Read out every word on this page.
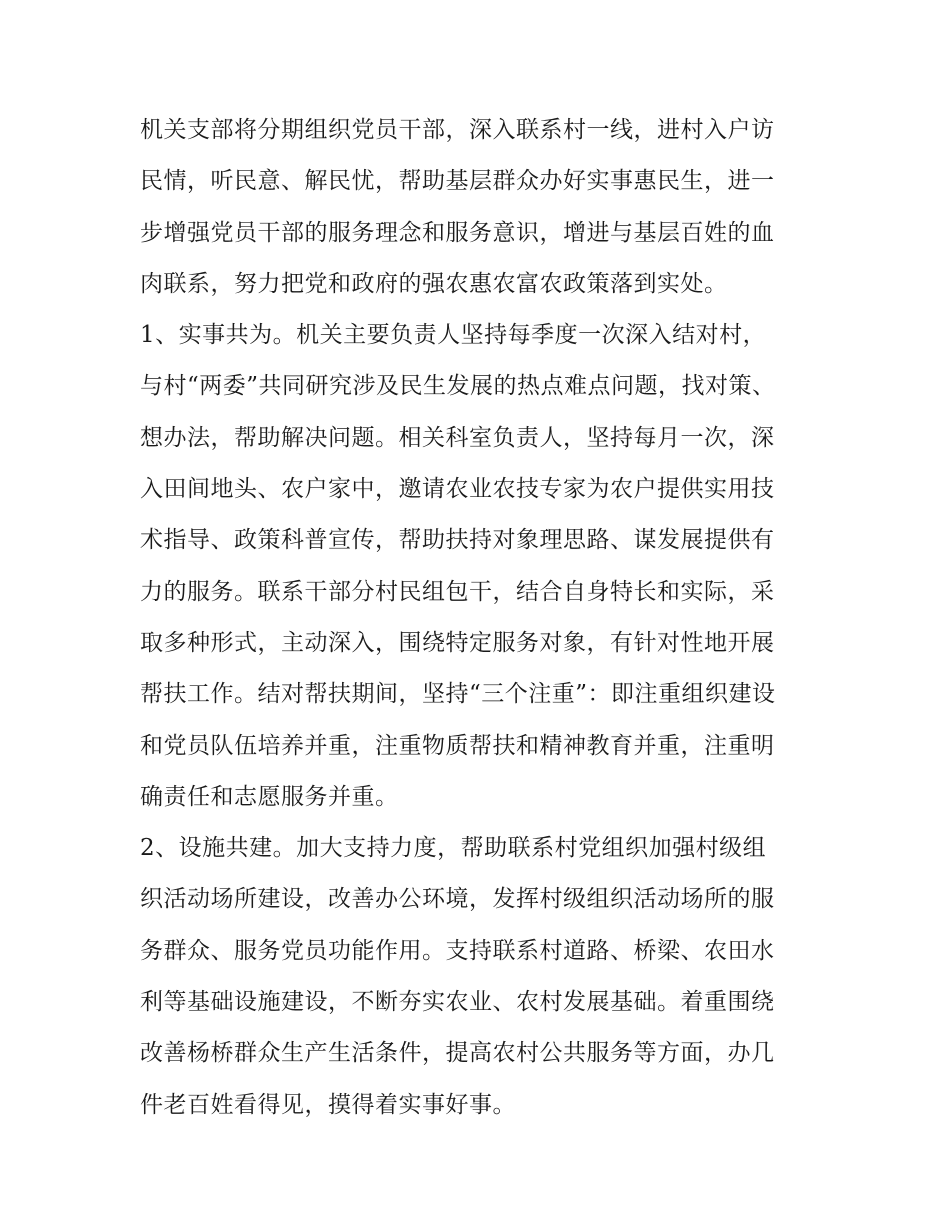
机关支部将分期组织党员干部，深入联系村一线，进村入户访
民情，听民意、解民忧，帮助基层群众办好实事惠民生，进一
步增强党员干部的服务理念和服务意识，增进与基层百姓的血
肉联系，努力把党和政府的强农惠农富农政策落到实处。
1、实事共为。机关主要负责人坚持每季度一次深入结对村，
与村“两委”共同研究涉及民生发展的热点难点问题，找对策、
想办法，帮助解决问题。相关科室负责人，坚持每月一次，深
入田间地头、农户家中，邀请农业农技专家为农户提供实用技
术指导、政策科普宣传，帮助扶持对象理思路、谋发展提供有
力的服务。联系干部分村民组包干，结合自身特长和实际，采
取多种形式，主动深入，围绕特定服务对象，有针对性地开展
帮扶工作。结对帮扶期间，坚持“三个注重”：即注重组织建设
和党员队伍培养并重，注重物质帮扶和精神教育并重，注重明
确责任和志愿服务并重。
2、设施共建。加大支持力度，帮助联系村党组织加强村级组
织活动场所建设，改善办公环境，发挥村级组织活动场所的服
务群众、服务党员功能作用。支持联系村道路、桥梁、农田水
利等基础设施建设，不断夯实农业、农村发展基础。着重围绕
改善杨桥群众生产生活条件，提高农村公共服务等方面，办几
件老百姓看得见，摸得着实事好事。
